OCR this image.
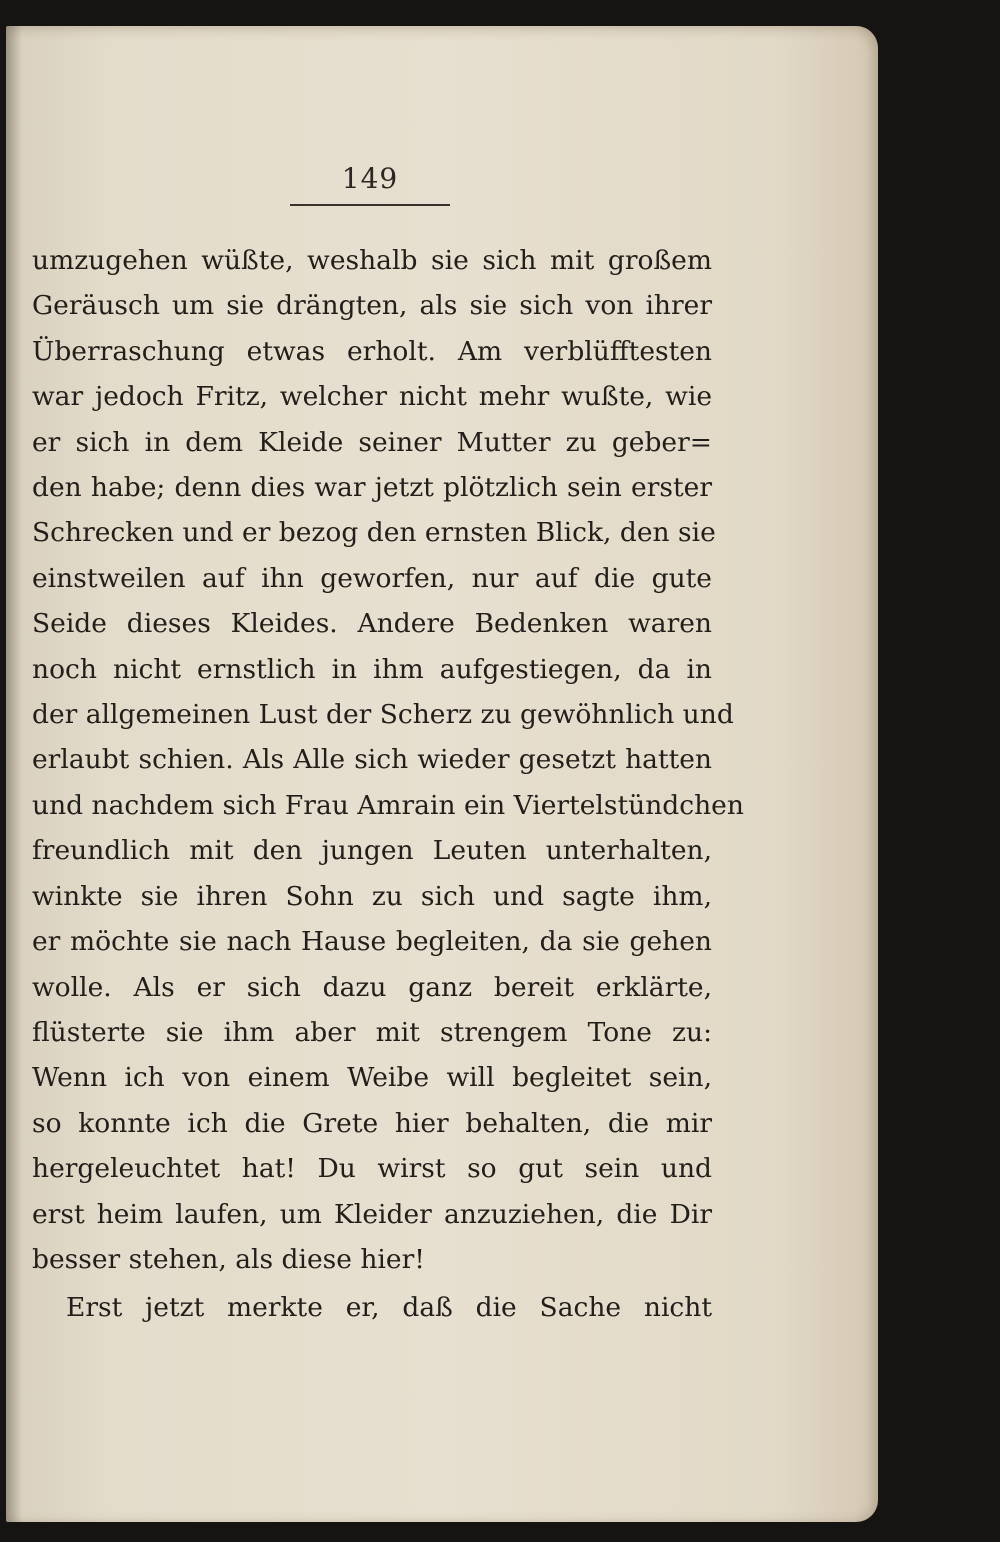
149
umzugehen wüßte, weshalb sie sich mit großem
Geräusch um sie drängten, als sie sich von ihrer
Überraschung etwas erholt. Am verblüfftesten
war jedoch Fritz, welcher nicht mehr wußte, wie
er sich in dem Kleide seiner Mutter zu geber=
den habe; denn dies war jetzt plötzlich sein erster
Schrecken und er bezog den ernsten Blick, den sie
einstweilen auf ihn geworfen, nur auf die gute
Seide dieses Kleides. Andere Bedenken waren
noch nicht ernstlich in ihm aufgestiegen, da in
der allgemeinen Lust der Scherz zu gewöhnlich und
erlaubt schien. Als Alle sich wieder gesetzt hatten
und nachdem sich Frau Amrain ein Viertelstündchen
freundlich mit den jungen Leuten unterhalten,
winkte sie ihren Sohn zu sich und sagte ihm,
er möchte sie nach Hause begleiten, da sie gehen
wolle. Als er sich dazu ganz bereit erklärte,
flüsterte sie ihm aber mit strengem Tone zu:
Wenn ich von einem Weibe will begleitet sein,
so konnte ich die Grete hier behalten, die mir
hergeleuchtet hat! Du wirst so gut sein und
erst heim laufen, um Kleider anzuziehen, die Dir
besser stehen, als diese hier!
Erst jetzt merkte er, daß die Sache nicht
